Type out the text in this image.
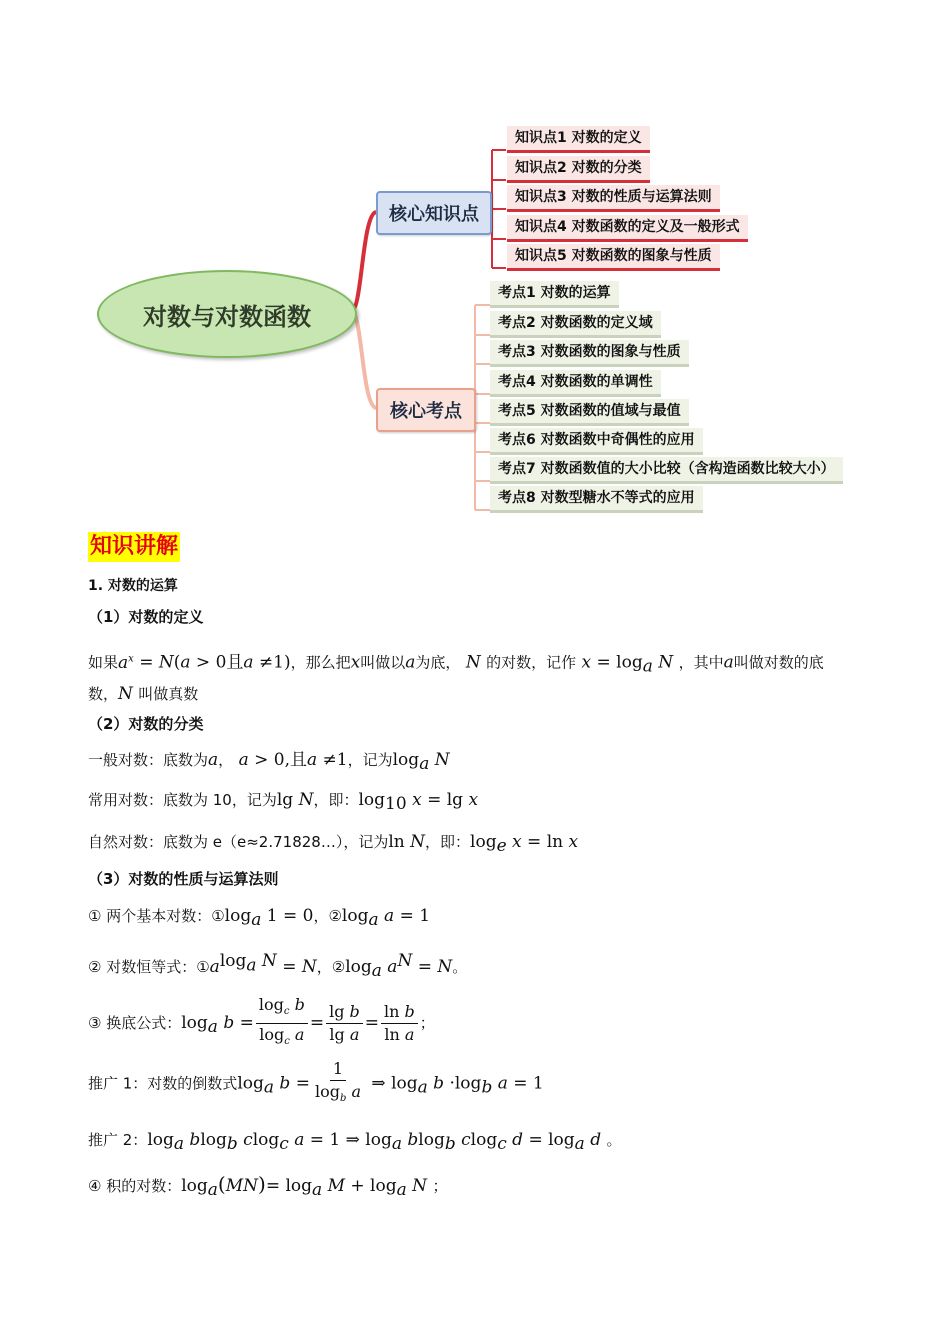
对数与对数函数
核心知识点
核心考点
知识点1 对数的定义
知识点2 对数的分类
知识点3 对数的性质与运算法则
知识点4 对数函数的定义及一般形式
知识点5 对数函数的图象与性质
考点1 对数的运算
考点2 对数函数的定义域
考点3 对数函数的图象与性质
考点4 对数函数的单调性
考点5 对数函数的值域与最值
考点6 对数函数中奇偶性的应用
考点7 对数函数值的大小比较（含构造函数比较大小）
考点8 对数型糖水不等式的应用
知识讲解
1. 对数的运算
（1）对数的定义
如果$a^x = N(a > 0$且a ≠1)，那么把x叫做以a为底， N 的对数，记作 $x = \log_a N$ ，其中a叫做对数的底
数，N 叫做真数
（2）对数的分类
一般对数：底数为a， a > 0,且a ≠1，记为$\log_a N$
常用对数：底数为 10，记为lg N，即：$\log_{10} x = \lg x$
自然对数：底数为 e（e≈2.71828…），记为ln N，即：$\log_e x = \ln x$
（3）对数的性质与运算法则
① 两个基本对数：$①\log_a$ 1 = 0，$②\log_a$ a = 1
② 对数恒等式：$①a^{log_a N} = N$，$②\log_a$ $a^N = N$。
③ 换底公式：$\log_a b = \frac{\log_c b}{\log_c a} = \frac{\text{lg b}}{\text{lg a}} = \frac{\text{ln b}}{\text{ln a}}$ ；
推广 1：对数的倒数式$\log_a b = \frac{1}{\log_b a}$ ⇒ $\log_a b \cdot\log_b$ a = 1
推广 2：$\log_a blog_b$ clog$_c$ a = 1 ⇒ $\log_a blog_b$ clog$_c$ $d = \log_a d$ 。
④ 积的对数：$\log_a(MN)= \log_a M + \log_a N$ ；
